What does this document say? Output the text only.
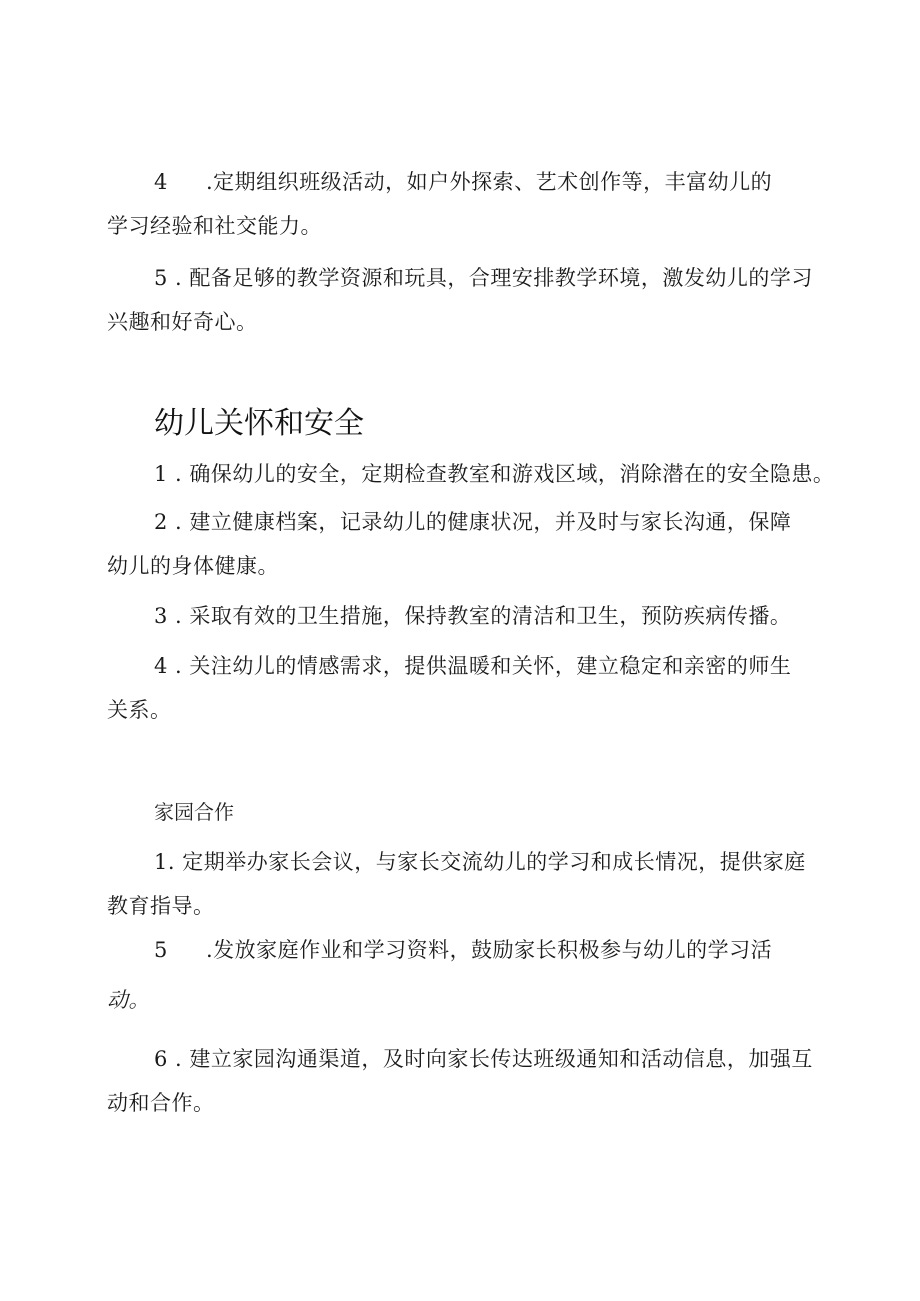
4 .定期组织班级活动，如户外探索、艺术创作等，丰富幼儿的
学习经验和社交能力。
5 . 配备足够的教学资源和玩具，合理安排教学环境，激发幼儿的学习
兴趣和好奇心。
幼儿关怀和安全
1 . 确保幼儿的安全，定期检查教室和游戏区域，消除潜在的安全隐患。
2 . 建立健康档案，记录幼儿的健康状况，并及时与家长沟通，保障
幼儿的身体健康。
3 . 采取有效的卫生措施，保持教室的清洁和卫生，预防疾病传播。
4 . 关注幼儿的情感需求，提供温暖和关怀，建立稳定和亲密的师生
关系。
家园合作
1. 定期举办家长会议，与家长交流幼儿的学习和成长情况，提供家庭
教育指导。
5 .发放家庭作业和学习资料，鼓励家长积极参与幼儿的学习活
动。
6 . 建立家园沟通渠道，及时向家长传达班级通知和活动信息，加强互
动和合作。
